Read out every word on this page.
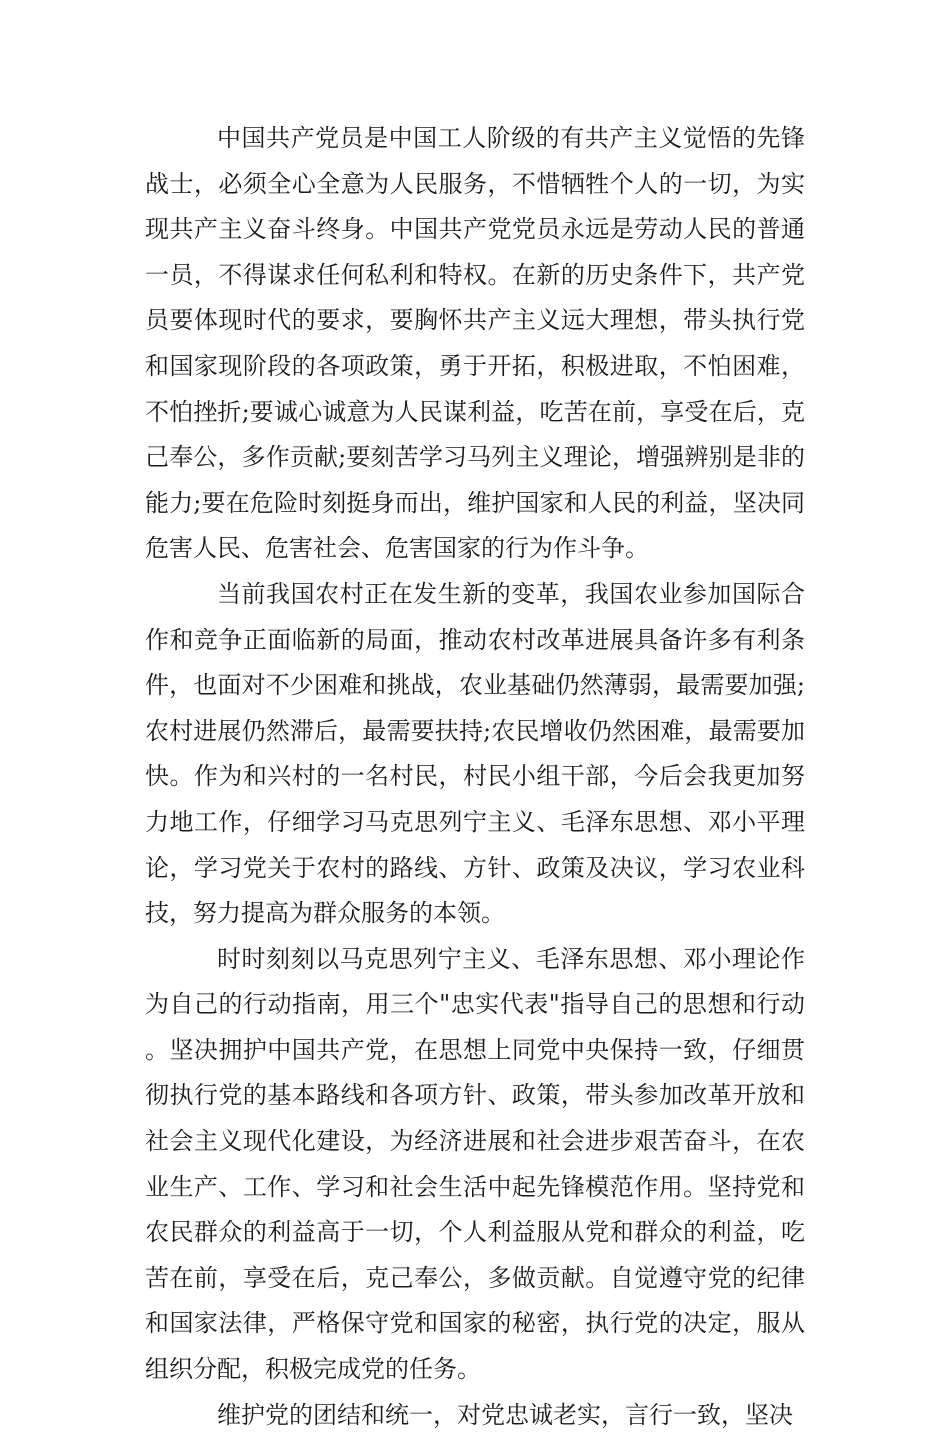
中国共产党员是中国工人阶级的有共产主义觉悟的先锋战士，必须全心全意为人民服务，不惜牺牲个人的一切，为实现共产主义奋斗终身。中国共产党党员永远是劳动人民的普通一员，不得谋求任何私利和特权。在新的历史条件下，共产党员要体现时代的要求，要胸怀共产主义远大理想，带头执行党和国家现阶段的各项政策，勇于开拓，积极进取，不怕困难，不怕挫折;要诚心诚意为人民谋利益，吃苦在前，享受在后，克己奉公，多作贡献;要刻苦学习马列主义理论，增强辨别是非的能力;要在危险时刻挺身而出，维护国家和人民的利益，坚决同危害人民、危害社会、危害国家的行为作斗争。

当前我国农村正在发生新的变革，我国农业参加国际合作和竞争正面临新的局面，推动农村改革进展具备许多有利条件，也面对不少困难和挑战，农业基础仍然薄弱，最需要加强;农村进展仍然滞后，最需要扶持;农民增收仍然困难，最需要加快。作为和兴村的一名村民，村民小组干部，今后会我更加努力地工作，仔细学习马克思列宁主义、毛泽东思想、邓小平理论，学习党关于农村的路线、方针、政策及决议，学习农业科技，努力提高为群众服务的本领。

时时刻刻以马克思列宁主义、毛泽东思想、邓小理论作为自己的行动指南，用三个"忠实代表"指导自己的思想和行动。坚决拥护中国共产党，在思想上同党中央保持一致，仔细贯彻执行党的基本路线和各项方针、政策，带头参加改革开放和社会主义现代化建设，为经济进展和社会进步艰苦奋斗，在农业生产、工作、学习和社会生活中起先锋模范作用。坚持党和农民群众的利益高于一切，个人利益服从党和群众的利益，吃苦在前，享受在后，克己奉公，多做贡献。自觉遵守党的纪律和国家法律，严格保守党和国家的秘密，执行党的决定，服从组织分配，积极完成党的任务。

维护党的团结和统一，对党忠诚老实，言行一致，坚决
